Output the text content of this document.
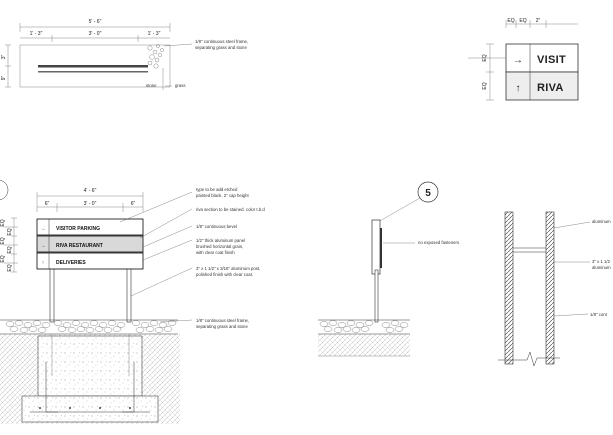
5' - 6"
1' - 3"	3' - 0"	1' - 3"
3"
9"
1/8" continuous steel frame,
separating grass and stone
stone	grass
EQ EQ 2"
EQ
EQ
→
↑
VISIT
RIVA
4' - 6"
6"	3' - 0"	6"
EQ
EQ
EQ
EQ
EQ
EQ
→
→
↑
VISITOR PARKING
RIVA RESTAURANT
DELIVERIES
type to be add etched
painted black. 2" cap height
riva section to be stained. color t.b.d
1/8" continuous bevel
1/2" thick aluminum panel
brushed horizontal grain,
with clear coat finish
3" x 1 1/2" x 3/16" aluminum post,
polished finish with clear coat.
1/8" continuous steel frame,
separating grass and stone
5
no exposed fasteners
aluminum
3" x 1 1/2
aluminum
1/8" cont
